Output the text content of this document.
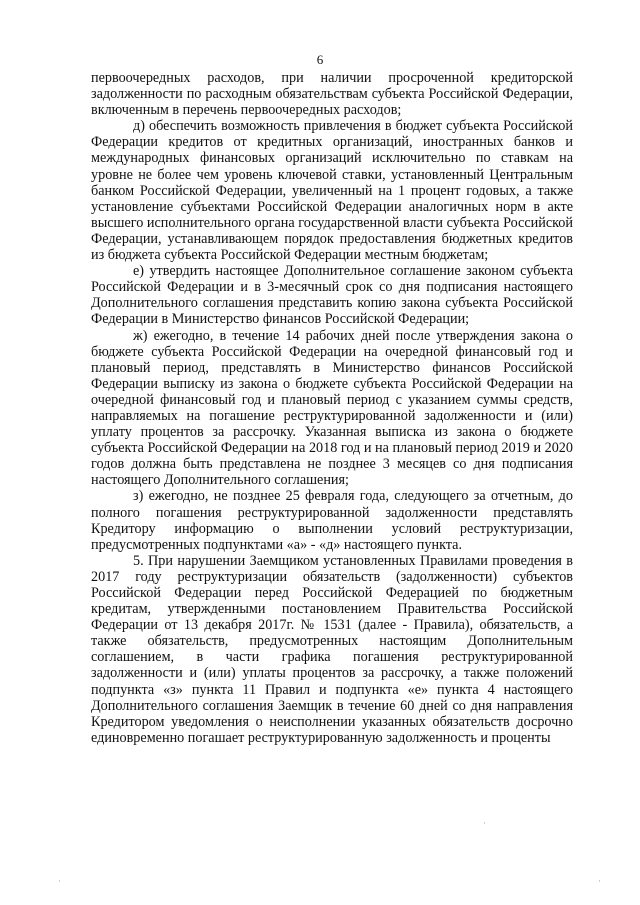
6

первоочередных расходов, при наличии просроченной кредиторской задолженности по расходным обязательствам субъекта Российской Федерации, включенным в перечень первоочередных расходов;

д) обеспечить возможность привлечения в бюджет субъекта Российской Федерации кредитов от кредитных организаций, иностранных банков и международных финансовых организаций исключительно по ставкам на уровне не более чем уровень ключевой ставки, установленный Центральным банком Российской Федерации, увеличенный на 1 процент годовых, а также установление субъектами Российской Федерации аналогичных норм в акте высшего исполнительного органа государственной власти субъекта Российской Федерации, устанавливающем порядок предоставления бюджетных кредитов из бюджета субъекта Российской Федерации местным бюджетам;

е) утвердить настоящее Дополнительное соглашение законом субъекта Российской Федерации и в 3-месячный срок со дня подписания настоящего Дополнительного соглашения представить копию закона субъекта Российской Федерации в Министерство финансов Российской Федерации;

ж) ежегодно, в течение 14 рабочих дней после утверждения закона о бюджете субъекта Российской Федерации на очередной финансовый год и плановый период, представлять в Министерство финансов Российской Федерации выписку из закона о бюджете субъекта Российской Федерации на очередной финансовый год и плановый период с указанием суммы средств, направляемых на погашение реструктурированной задолженности и (или) уплату процентов за рассрочку. Указанная выписка из закона о бюджете субъекта Российской Федерации на 2018 год и на плановый период 2019 и 2020 годов должна быть представлена не позднее 3 месяцев со дня подписания настоящего Дополнительного соглашения;

з) ежегодно, не позднее 25 февраля года, следующего за отчетным, до полного погашения реструктурированной задолженности представлять Кредитору информацию о выполнении условий реструктуризации, предусмотренных подпунктами «а» - «д» настоящего пункта.

5. При нарушении Заемщиком установленных Правилами проведения в 2017 году реструктуризации обязательств (задолженности) субъектов Российской Федерации перед Российской Федерацией по бюджетным кредитам, утвержденными постановлением Правительства Российской Федерации от 13 декабря 2017г. № 1531 (далее - Правила), обязательств, а также обязательств, предусмотренных настоящим Дополнительным соглашением, в части графика погашения реструктурированной задолженности и (или) уплаты процентов за рассрочку, а также положений подпункта «з» пункта 11 Правил и подпункта «е» пункта 4 настоящего Дополнительного соглашения Заемщик в течение 60 дней со дня направления Кредитором уведомления о неисполнении указанных обязательств досрочно единовременно погашает реструктурированную задолженность и проценты

·
·	·
